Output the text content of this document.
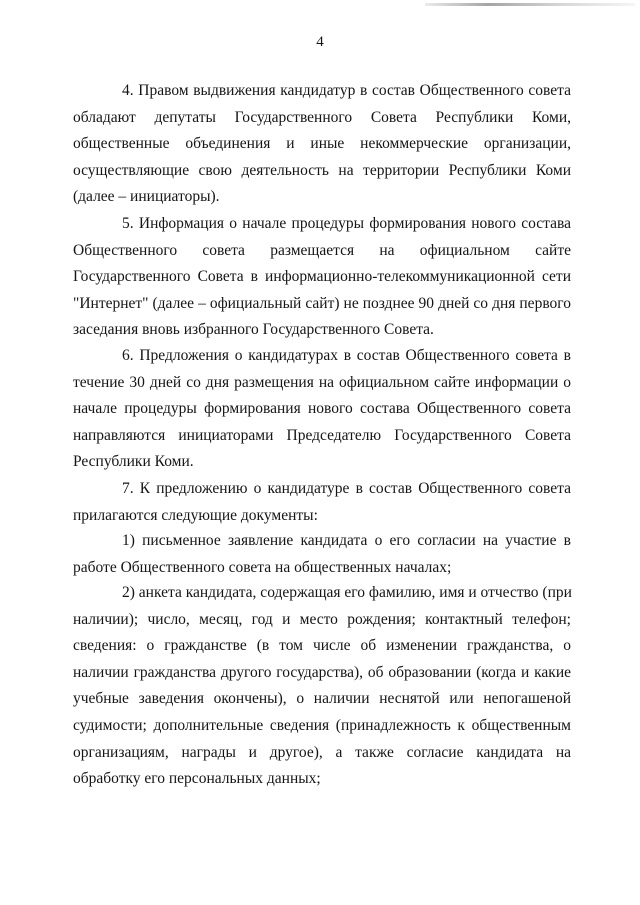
4

4. Правом выдвижения кандидатур в состав Общественного совета
обладают депутаты Государственного Совета Республики Коми,
общественные объединения и иные некоммерческие организации,
осуществляющие свою деятельность на территории Республики Коми
(далее – инициаторы).

5. Информация о начале процедуры формирования нового состава
Общественного совета размещается на официальном сайте
Государственного Совета в информационно-телекоммуникационной сети
"Интернет" (далее – официальный сайт) не позднее 90 дней со дня первого
заседания вновь избранного Государственного Совета.

6. Предложения о кандидатурах в состав Общественного совета в
течение 30 дней со дня размещения на официальном сайте информации о
начале процедуры формирования нового состава Общественного совета
направляются инициаторами Председателю Государственного Совета
Республики Коми.

7. К предложению о кандидатуре в состав Общественного совета
прилагаются следующие документы:

1) письменное заявление кандидата о его согласии на участие в
работе Общественного совета на общественных началах;

2) анкета кандидата, содержащая его фамилию, имя и отчество (при
наличии); число, месяц, год и место рождения; контактный телефон;
сведения: о гражданстве (в том числе об изменении гражданства, о
наличии гражданства другого государства), об образовании (когда и какие
учебные заведения окончены), о наличии неснятой или непогашеной
судимости; дополнительные сведения (принадлежность к общественным
организациям, награды и другое), а также согласие кандидата на
обработку его персональных данных;
